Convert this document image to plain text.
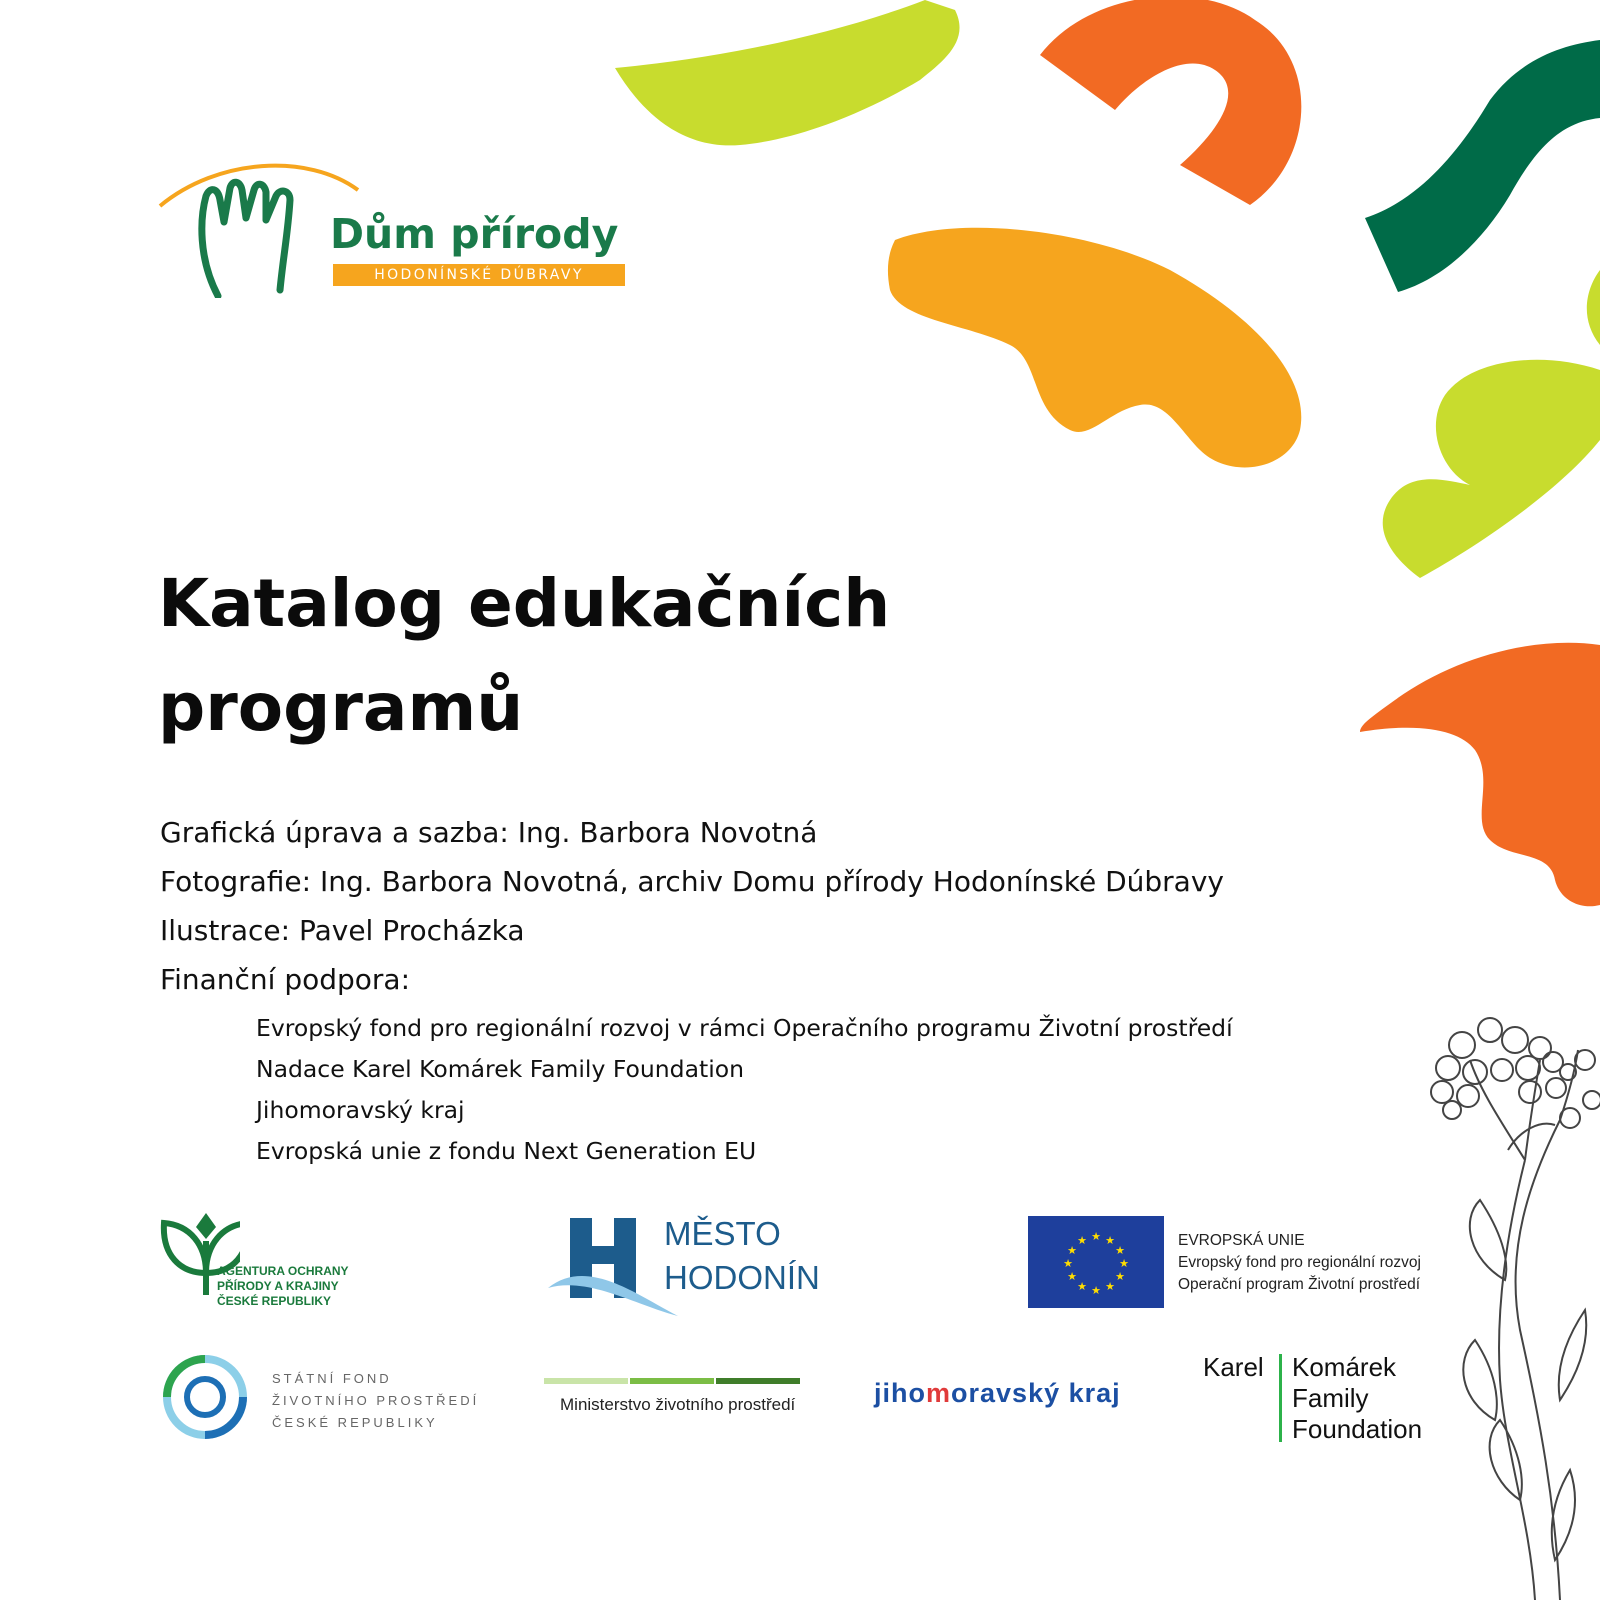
Dům přírody
HODONÍNSKÉ DÚBRAVY
Katalog edukačních
programů
Grafická úprava a sazba: Ing. Barbora Novotná
Fotografie: Ing. Barbora Novotná, archiv Domu přírody Hodonínské Dúbravy
Ilustrace: Pavel Procházka
Finanční podpora:
Evropský fond pro regionální rozvoj v rámci Operačního programu Životní prostředí
Nadace Karel Komárek Family Foundation
Jihomoravský kraj
Evropská unie z fondu Next Generation EU
AGENTURA OCHRANY
PŘÍRODY A KRAJINY
ČESKÉ REPUBLIKY
MĚSTO
HODONÍN
★ ★
★
★
★
★
★
★
★
★
★
★	EVROPSKÁ UNIE
Evropský fond pro regionální rozvoj
Operační program Životní prostředí
STÁTNÍ FOND
ŽIVOTNÍHO PROSTŘEDÍ
ČESKÉ REPUBLIKY
Ministerstvo životního prostředí	jihomoravský kraj
Karel Komárek
Family
Foundation
